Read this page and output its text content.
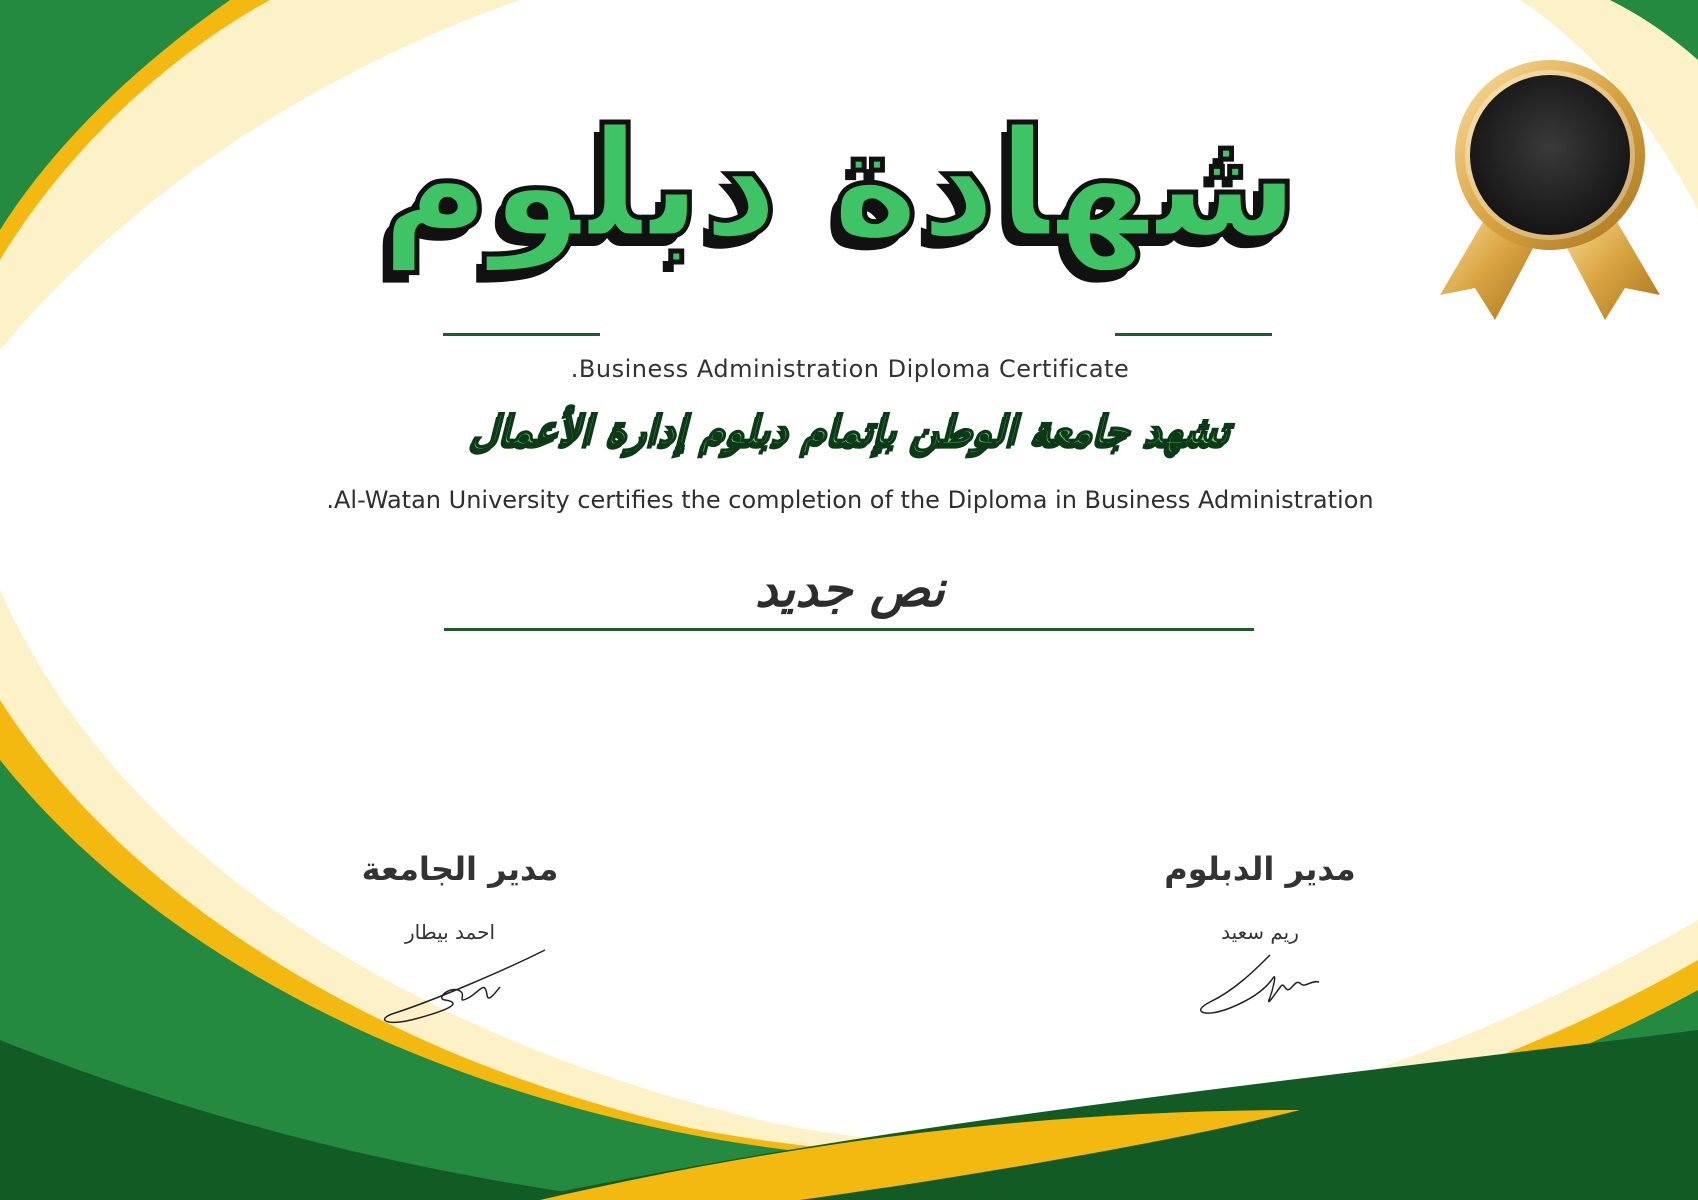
شهادة دبلوم
.Business Administration Diploma Certificate
تشهد جامعة الوطن بإتمام دبلوم إدارة الأعمال
.Al-Watan University certifies the completion of the Diploma in Business Administration
نص جديد
مدير الجامعة
احمد بيطار
مدير الدبلوم
ريم سعيد
